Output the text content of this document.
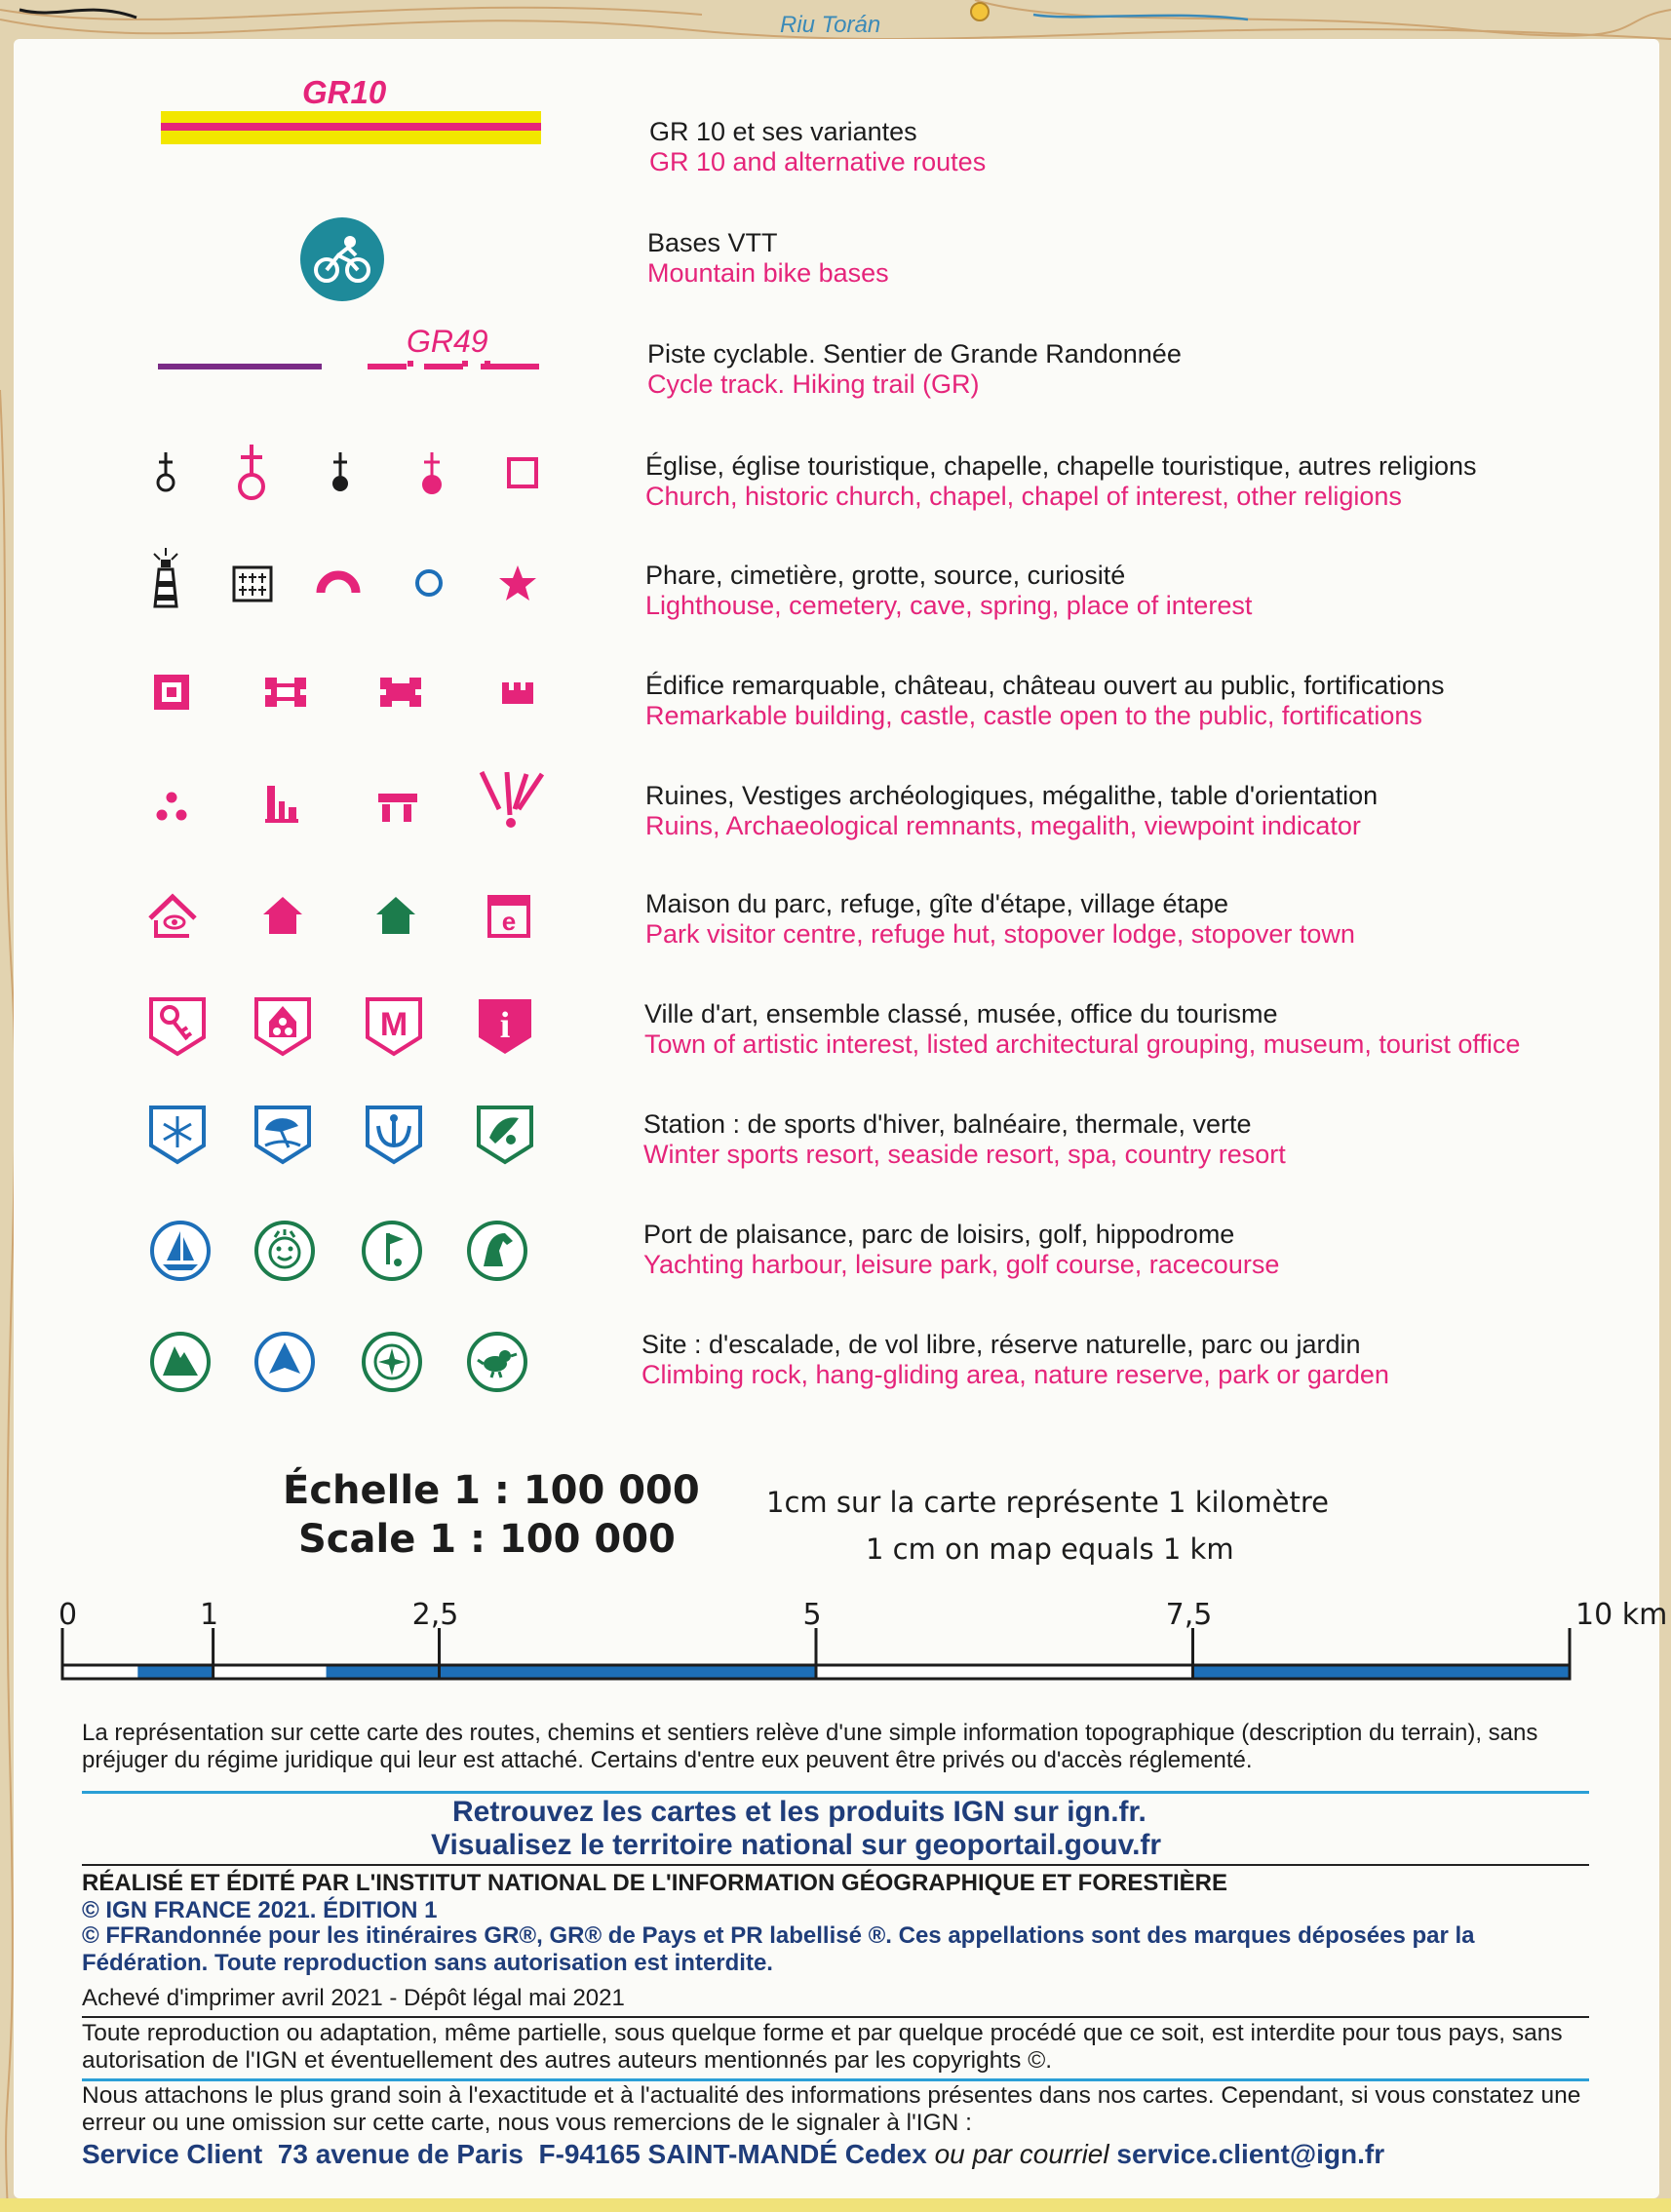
Riu Torán
GR10
GR49
e
M i
GR 10 et ses variantes
GR 10 and alternative routes
Bases VTT
Mountain bike bases
Piste cyclable. Sentier de Grande Randonnée
Cycle track. Hiking trail (GR)
Église, église touristique, chapelle, chapelle touristique, autres religions
Church, historic church, chapel, chapel of interest, other religions
Phare, cimetière, grotte, source, curiosité
Lighthouse, cemetery, cave, spring, place of interest
Édifice remarquable, château, château ouvert au public, fortifications
Remarkable building, castle, castle open to the public, fortifications
Ruines, Vestiges archéologiques, mégalithe, table d'orientation
Ruins, Archaeological remnants, megalith, viewpoint indicator
Maison du parc, refuge, gîte d'étape, village étape
Park visitor centre, refuge hut, stopover lodge, stopover town
Ville d'art, ensemble classé, musée, office du tourisme
Town of artistic interest, listed architectural grouping, museum, tourist office
Station : de sports d'hiver, balnéaire, thermale, verte
Winter sports resort, seaside resort, spa, country resort
Port de plaisance, parc de loisirs, golf, hippodrome
Yachting harbour, leisure park, golf course, racecourse
Site : d'escalade, de vol libre, réserve naturelle, parc ou jardin
Climbing rock, hang-gliding area, nature reserve, park or garden
Échelle 1 : 100 000
Scale 1 : 100 000
1cm sur la carte représente 1 kilomètre
1 cm on map equals 1 km
0	1	2,5	5	7,5	10 km
La représentation sur cette carte des routes, chemins et sentiers relève d'une simple information topographique (description du terrain), sans préjuger du régime juridique qui leur est attaché. Certains d'entre eux peuvent être privés ou d'accès réglementé.
Retrouvez les cartes et les produits IGN sur ign.fr.
Visualisez le territoire national sur geoportail.gouv.fr
RÉALISÉ ET ÉDITÉ PAR L'INSTITUT NATIONAL DE L'INFORMATION GÉOGRAPHIQUE ET FORESTIÈRE
© IGN FRANCE 2021. ÉDITION 1
© FFRandonnée pour les itinéraires GR®, GR® de Pays et PR labellisé ®. Ces appellations sont des marques déposées par la Fédération. Toute reproduction sans autorisation est interdite.
Achevé d'imprimer avril 2021 - Dépôt légal mai 2021
Toute reproduction ou adaptation, même partielle, sous quelque forme et par quelque procédé que ce soit, est interdite pour tous pays, sans autorisation de l'IGN et éventuellement des autres auteurs mentionnés par les copyrights ©.
Nous attachons le plus grand soin à l'exactitude et à l'actualité des informations présentes dans nos cartes. Cependant, si vous constatez une erreur ou une omission sur cette carte, nous vous remercions de le signaler à l'IGN :
Service Client 73 avenue de Paris F-94165 SAINT-MANDÉ Cedex ou par courriel service.client@ign.fr
